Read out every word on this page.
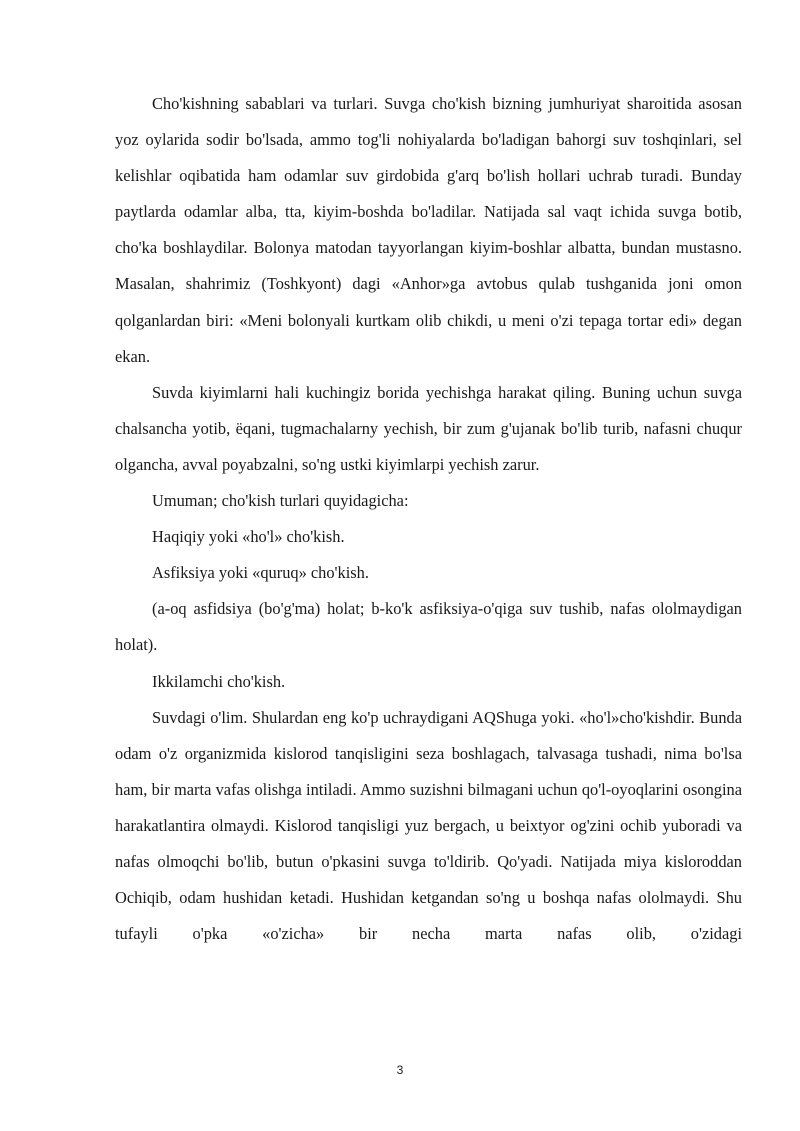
Cho'kishning sabablari va turlari. Suvga cho'kish bizning jumhuriyat sharoitida asosan yoz oylarida sodir bo'lsada, ammo tog'li nohiyalarda bo'ladigan bahorgi suv toshqinlari, sel kelishlar oqibatida ham odamlar suv girdobida g'arq bo'lish hollari uchrab turadi. Bunday paytlarda odamlar alba, tta, kiyim-boshda bo'ladilar. Natijada sal vaqt ichida suvga botib, cho'ka boshlaydilar. Bolonya matodan tayyorlangan kiyim-boshlar albatta, bundan mustasno. Masalan, shahrimiz (Toshkyont) dagi «Anhor»ga avtobus qulab tushganida joni omon qolganlardan biri: «Meni bolonyali kurtkam olib chikdi, u meni o'zi tepaga tortar edi» degan ekan.

Suvda kiyimlarni hali kuchingiz borida yechishga harakat qiling. Buning uchun suvga chalsancha yotib, ëqani, tugmachalarny yechish, bir zum g'ujanak bo'lib turib, nafasni chuqur olgancha, avval poyabzalni, so'ng ustki kiyimlarpi yechish zarur.

Umuman; cho'kish turlari quyidagicha:

Haqiqiy yoki «ho'l» cho'kish.

Asfiksiya yoki «quruq» cho'kish.

(a-oq asfidsiya (bo'g'ma) holat; b-ko'k asfiksiya-o'qiga suv tushib, nafas ololmaydigan holat).

Ikkilamchi cho'kish.

Suvdagi o'lim. Shulardan eng ko'p uchraydigani AQShuga yoki. «ho'l»cho'kishdir. Bunda odam o'z organizmida kislorod tanqisligini seza boshlagach, talvasaga tushadi, nima bo'lsa ham, bir marta vafas olishga intiladi. Ammo suzishni bilmagani uchun qo'l-oyoqlarini osongina harakatlantira olmaydi. Kislorod tanqisligi yuz bergach, u beixtyor og'zini ochib yuboradi va nafas olmoqchi bo'lib, butun o'pkasini suvga to'ldirib. Qo'yadi. Natijada miya kisloroddan Ochiqib, odam hushidan ketadi. Hushidan ketgandan so'ng u boshqa nafas ololmaydi. Shu tufayli o'pka «o'zicha» bir necha marta nafas olib, o'zidagi

3
